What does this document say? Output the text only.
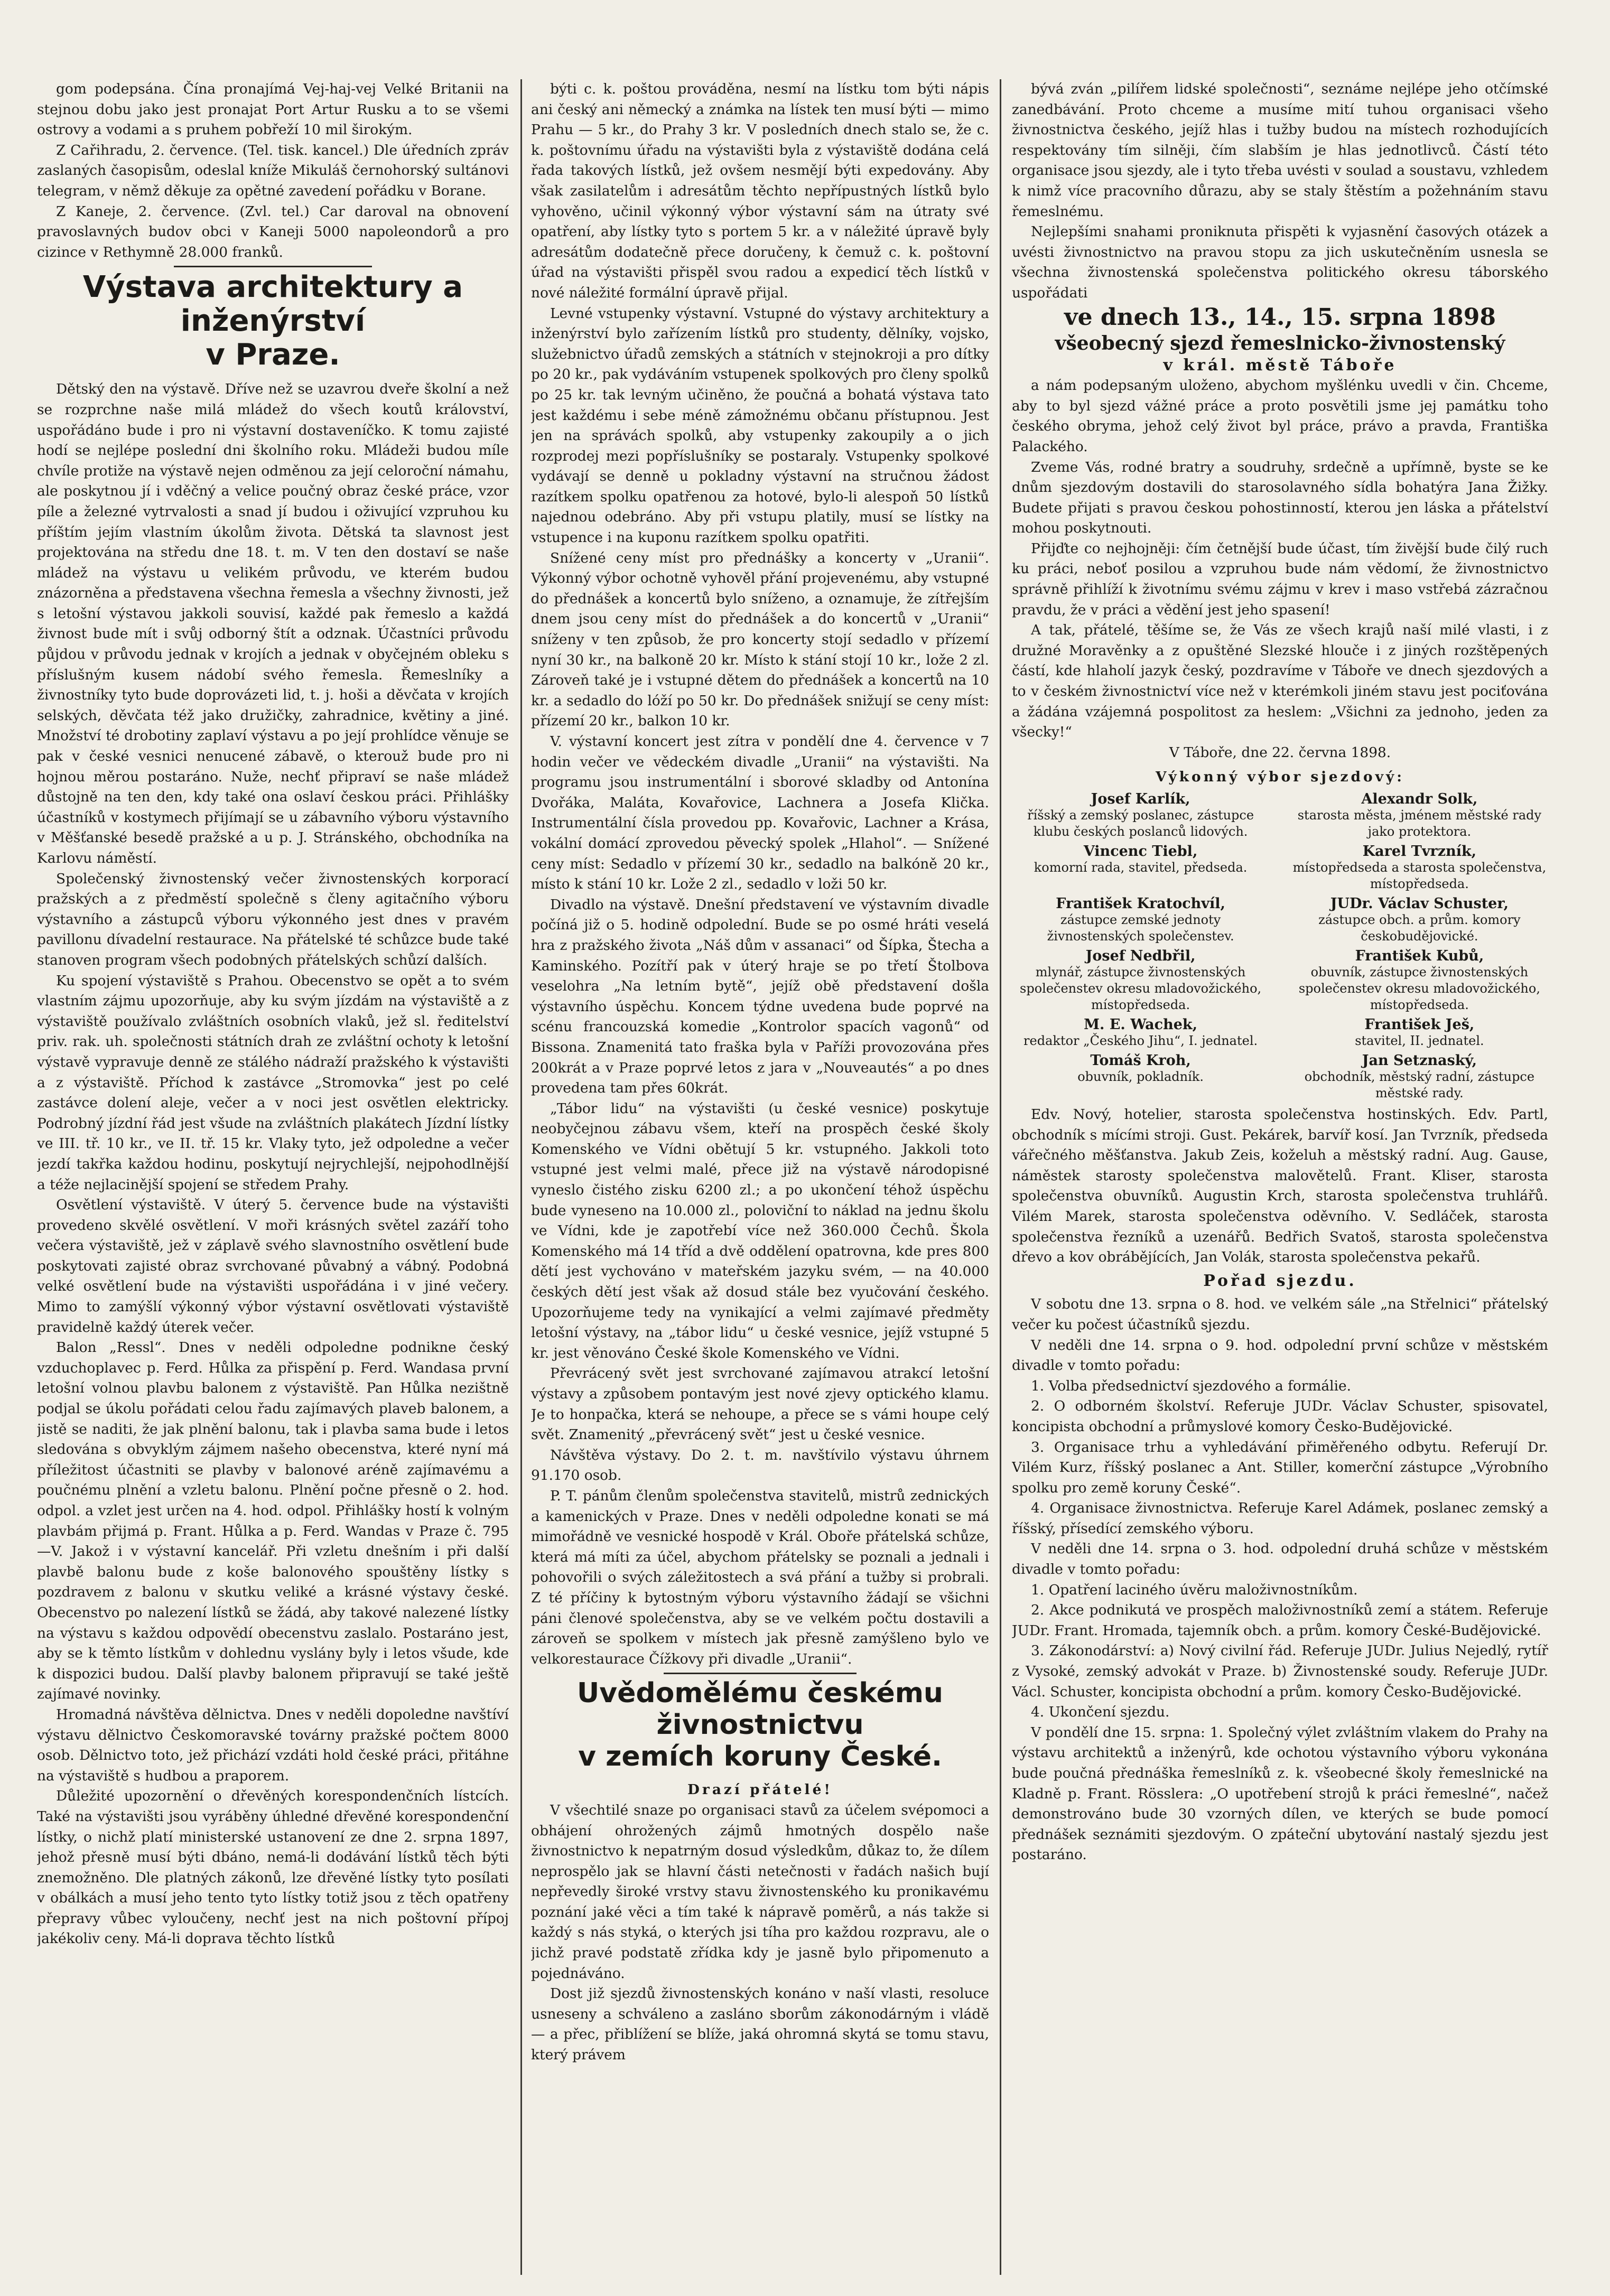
gom podepsána. Čína pronajímá Vej-haj-vej Velké Britanii na stejnou dobu jako jest pronajat Port Artur Rusku a to se všemi ostrovy a vodami a s pruhem pobřeží 10 mil širokým.

Z Cařihradu, 2. července. (Tel. tisk. kancel.) Dle úředních zpráv zaslaných časopisům, odeslal kníže Mikuláš černohorský sultánovi telegram, v němž děkuje za opětné zavedení pořádku v Borane.

Z Kaneje, 2. července. (Zvl. tel.) Car daroval na obnovení pravoslavných budov obci v Kaneji 5000 napoleondorů a pro cizince v Rethymně 28.000 franků.

Výstava architektury a inženýrství
v Praze.

Dětský den na výstavě. Dříve než se uzavrou dveře školní a než se rozprchne naše milá mládež do všech koutů království, uspořádáno bude i pro ni výstavní dostaveníčko. K tomu zajisté hodí se nejlépe poslední dni školního roku. Mládeži budou míle chvíle protiže na výstavě nejen odměnou za její celoroční námahu, ale poskytnou jí i vděčný a velice poučný obraz české práce, vzor píle a železné vytrvalosti a snad jí budou i oživující vzpruhou ku příštím jejím vlastním úkolům života. Dětská ta slavnost jest projektována na středu dne 18. t. m. V ten den dostaví se naše mládež na výstavu u velikém průvodu, ve kterém budou znázorněna a představena všechna řemesla a všechny živnosti, jež s letošní výstavou jakkoli souvisí, každé pak řemeslo a každá živnost bude mít i svůj odborný štít a odznak. Účastníci průvodu půjdou v průvodu jednak v krojích a jednak v obyčejném obleku s příslušným kusem nádobí svého řemesla. Řemeslníky a živnostníky tyto bude doprovázeti lid, t. j. hoši a děvčata v krojích selských, děvčata též jako družičky, zahradnice, květiny a jiné. Množství té drobotiny zaplaví výstavu a po její prohlídce věnuje se pak v české vesnici nenucené zábavě, o kterouž bude pro ni hojnou měrou postaráno. Nuže, nechť připraví se naše mládež důstojně na ten den, kdy také ona oslaví českou práci. Přihlášky účastníků v kostymech přijímají se u zábavního výboru výstavního v Měšťanské besedě pražské a u p. J. Stránského, obchodníka na Karlovu náměstí.

Společenský živnostenský večer živnostenských korporací pražských a z předměstí společně s členy agitačního výboru výstavního a zástupců výboru výkonného jest dnes v pravém pavillonu dívadelní restaurace. Na přátelské té schůzce bude také stanoven program všech podobných přátelských schůzí dalších.

Ku spojení výstaviště s Prahou. Obecenstvo se opět a to svém vlastním zájmu upozorňuje, aby ku svým jízdám na výstaviště a z výstaviště používalo zvláštních osobních vlaků, jež sl. ředitelství priv. rak. uh. společnosti státních drah ze zvláštní ochoty k letošní výstavě vypravuje denně ze stálého nádraží pražského k výstavišti a z výstaviště. Příchod k zastávce „Stromovka“ jest po celé zastávce dolení aleje, večer a v noci jest osvětlen elektricky. Podrobný jízdní řád jest všude na zvláštních plakátech Jízdní lístky ve III. tř. 10 kr., ve II. tř. 15 kr. Vlaky tyto, jež odpoledne a večer jezdí takřka každou hodinu, poskytují nejrychlejší, nejpohodlnější a téže nejlacinější spojení se středem Prahy.

Osvětlení výstaviště. V úterý 5. července bude na výstavišti provedeno skvělé osvětlení. V moři krásných světel zazáří toho večera výstaviště, jež v záplavě svého slavnostního osvětlení bude poskytovati zajisté obraz svrchované půvabný a vábný. Podobná velké osvětlení bude na výstavišti uspořádána i v jiné večery. Mimo to zamýšlí výkonný výbor výstavní osvětlovati výstaviště pravidelně každý úterek večer.

Balon „Ressl“. Dnes v neděli odpoledne podnikne český vzduchoplavec p. Ferd. Hůlka za přispění p. Ferd. Wandasa první letošní volnou plavbu balonem z výstaviště. Pan Hůlka nezištně podjal se úkolu pořádati celou řadu zajímavých plaveb balonem, a jistě se naditi, že jak plnění balonu, tak i plavba sama bude i letos sledována s obvyklým zájmem našeho obecenstva, které nyní má příležitost účastniti se plavby v balonové aréně zajímavému a poučnému plnění a vzletu balonu. Plnění počne přesně o 2. hod. odpol. a vzlet jest určen na 4. hod. odpol. Přihlášky hostí k volným plavbám přijmá p. Frant. Hůlka a p. Ferd. Wandas v Praze č. 795—V. Jakož i v výstavní kancelář. Při vzletu dnešním i při další plavbě balonu bude z koše balonového spouštěny lístky s pozdravem z balonu v skutku veliké a krásné výstavy české. Obecenstvo po nalezení lístků se žádá, aby takové nalezené lístky na výstavu s každou odpovědí obecenstvu zaslalo. Postaráno jest, aby se k těmto lístkům v dohlednu vyslány byly i letos všude, kde k dispozici budou. Další plavby balonem připravují se také ještě zajímavé novinky.

Hromadná návštěva dělnictva. Dnes v neděli dopoledne navštíví výstavu dělnictvo Českomoravské továrny pražské počtem 8000 osob. Dělnictvo toto, jež přichází vzdáti hold české práci, přitáhne na výstaviště s hudbou a praporem.

Důležité upozornění o dřevěných korespondenčních lístcích. Také na výstavišti jsou vyráběny úhledné dřevěné korespondenční lístky, o nichž platí ministerské ustanovení ze dne 2. srpna 1897, jehož přesně musí býti dbáno, nemá-li dodávání lístků těch býti znemožněno. Dle platných zákonů, lze dřevěné lístky tyto posílati v obálkách a musí jeho tento tyto lístky totiž jsou z těch opatřeny přepravy vůbec vyloučeny, nechť jest na nich poštovní přípoj jakékoliv ceny. Má-li doprava těchto lístků

býti c. k. poštou prováděna, nesmí na lístku tom býti nápis ani český ani německý a známka na lístek ten musí býti — mimo Prahu — 5 kr., do Prahy 3 kr. V posledních dnech stalo se, že c. k. poštovnímu úřadu na výstavišti byla z výstaviště dodána celá řada takových lístků, jež ovšem nesmějí býti expedovány. Aby však zasilatelům i adresátům těchto nepřípustných lístků bylo vyhověno, učinil výkonný výbor výstavní sám na útraty své opatření, aby lístky tyto s portem 5 kr. a v náležité úpravě byly adresátům dodatečně přece doručeny, k čemuž c. k. poštovní úřad na výstavišti přispěl svou radou a expedicí těch lístků v nové náležité formální úpravě přijal.

Levné vstupenky výstavní. Vstupné do výstavy architektury a inženýrství bylo zařízením lístků pro studenty, dělníky, vojsko, služebnictvo úřadů zemských a státních v stejnokroji a pro dítky po 20 kr., pak vydáváním vstupenek spolkových pro členy spolků po 25 kr. tak levným učiněno, že poučná a bohatá výstava tato jest každému i sebe méně zámožnému občanu přístupnou. Jest jen na správách spolků, aby vstupenky zakoupily a o jich rozprodej mezi popříslušníky se postaraly. Vstupenky spolkové vydávají se denně u pokladny výstavní na stručnou žádost razítkem spolku opatřenou za hotové, bylo-li alespoň 50 lístků najednou odebráno. Aby při vstupu platily, musí se lístky na vstupence i na kuponu razítkem spolku opatřiti.

Snížené ceny míst pro přednášky a koncerty v „Uranii“. Výkonný výbor ochotně vyhověl přání projevenému, aby vstupné do přednášek a koncertů bylo sníženo, a oznamuje, že zítřejším dnem jsou ceny míst do přednášek a do koncertů v „Uranii“ sníženy v ten způsob, že pro koncerty stojí sedadlo v přízemí nyní 30 kr., na balkoně 20 kr. Místo k stání stojí 10 kr., lože 2 zl. Zároveň také je i vstupné dětem do přednášek a koncertů na 10 kr. a sedadlo do lóží po 50 kr. Do přednášek snižují se ceny míst: přízemí 20 kr., balkon 10 kr.

V. výstavní koncert jest zítra v pondělí dne 4. července v 7 hodin večer ve vědeckém divadle „Uranii“ na výstavišti. Na programu jsou instrumentální i sborové skladby od Antonína Dvořáka, Maláta, Kovařovice, Lachnera a Josefa Klička. Instrumentální čísla provedou pp. Kovařovic, Lachner a Krása, vokální domácí zprovedou pěvecký spolek „Hlahol“. — Snížené ceny míst: Sedadlo v přízemí 30 kr., sedadlo na balkóně 20 kr., místo k stání 10 kr. Lože 2 zl., sedadlo v loži 50 kr.

Divadlo na výstavě. Dnešní představení ve výstavním divadle počíná již o 5. hodině odpolední. Bude se po osmé hráti veselá hra z pražského života „Náš dům v assanaci“ od Šípka, Štecha a Kaminského. Pozítří pak v úterý hraje se po třetí Štolbova veselohra „Na letním bytě“, jejíž obě představení došla výstavního úspěchu. Koncem týdne uvedena bude poprvé na scénu francouzská komedie „Kontrolor spacích vagonů“ od Bissona. Znamenitá tato fraška byla v Paříži provozována přes 200krát a v Praze poprvé letos z jara v „Nouveautés“ a po dnes provedena tam přes 60krát.

„Tábor lidu“ na výstavišti (u české vesnice) poskytuje neobyčejnou zábavu všem, kteří na prospěch české školy Komenského ve Vídni obětují 5 kr. vstupného. Jakkoli toto vstupné jest velmi malé, přece již na výstavě národopisné vyneslo čistého zisku 6200 zl.; a po ukončení téhož úspěchu bude vyneseno na 10.000 zl., poloviční to náklad na jednu školu ve Vídni, kde je zapotřebí více než 360.000 Čechů. Škola Komenského má 14 tříd a dvě oddělení opatrovna, kde pres 800 dětí jest vychováno v mateřském jazyku svém, — na 40.000 českých dětí jest však až dosud stále bez vyučování českého. Upozorňujeme tedy na vynikající a velmi zajímavé předměty letošní výstavy, na „tábor lidu“ u české vesnice, jejíž vstupné 5 kr. jest věnováno České škole Komenského ve Vídni.

Převrácený svět jest svrchované zajímavou atrakcí letošní výstavy a způsobem pontavým jest nové zjevy optického klamu. Je to honpačka, která se nehoupe, a přece se s vámi houpe celý svět. Znamenitý „převrácený svět“ jest u české vesnice.

Návštěva výstavy. Do 2. t. m. navštívilo výstavu úhrnem 91.170 osob.

P. T. pánům členům společenstva stavitelů, mistrů zednických a kamenických v Praze. Dnes v neděli odpoledne konati se má mimořádně ve vesnické hospodě v Král. Oboře přátelská schůze, která má míti za účel, abychom přátelsky se poznali a jednali i pohovořili o svých záležitostech a svá přání a tužby si probrali. Z té příčiny k bytostným výboru výstavního žádají se všichni páni členové společenstva, aby se ve velkém počtu dostavili a zároveň se spolkem v místech jak přesně zamýšleno bylo ve velkorestaurace Čížkovy při divadle „Uranii“.

Uvědomělému českému živnostnictvu
v zemích koruny České.

Drazí přátelé!

V všechtilé snaze po organisaci stavů za účelem svépomoci a obhájení ohrožených zájmů hmotných dospělo naše živnostnictvo k nepatrným dosud výsledkům, důkaz to, že dílem neprospělo jak se hlavní části netečnosti v řadách našich bují nepřevedly široké vrstvy stavu živnostenského ku pronikavému poznání jaké věci a tím také k nápravě poměrů, a nás takže si každý s nás styká, o kterých jsi tíha pro každou rozpravu, ale o jichž pravé podstatě zřídka kdy je jasně bylo připomenuto a pojednáváno.

Dost již sjezdů živnostenských konáno v naší vlasti, resoluce usneseny a schváleno a zasláno sborům zákonodárným i vládě — a přec, přiblížení se blíže, jaká ohromná skytá se tomu stavu, který právem

bývá zván „pilířem lidské společnosti“, seznáme nejlépe jeho otčímské zanedbávání. Proto chceme a musíme mití tuhou organisaci všeho živnostnictva českého, jejíž hlas i tužby budou na místech rozhodujících respektovány tím silněji, čím slabším je hlas jednotlivců. Částí této organisace jsou sjezdy, ale i tyto třeba uvésti v soulad a soustavu, vzhledem k nimž více pracovního důrazu, aby se staly štěstím a požehnáním stavu řemeslnému.

Nejlepšími snahami proniknuta přispěti k vyjasnění časových otázek a uvésti živnostnictvo na pravou stopu za jich uskutečněním usnesla se všechna živnostenská společenstva politického okresu táborského uspořádati

ve dnech 13., 14., 15. srpna 1898

všeobecný sjezd řemeslnicko-živnostenský

v král. městě Táboře

a nám podepsaným uloženo, abychom myšlénku uvedli v čin. Chceme, aby to byl sjezd vážné práce a proto posvětili jsme jej památku toho českého obryma, jehož celý život byl práce, právo a pravda, Františka Palackého.

Zveme Vás, rodné bratry a soudruhy, srdečně a upřímně, byste se ke dnům sjezdovým dostavili do starosolavného sídla bohatýra Jana Žižky. Budete přijati s pravou českou pohostinností, kterou jen láska a přátelství mohou poskytnouti.

Přijďte co nejhojněji: čím četnější bude účast, tím živější bude čilý ruch ku práci, neboť posilou a vzpruhou bude nám vědomí, že živnostnictvo správně přihlíží k životnímu svému zájmu v krev i maso vstřebá zázračnou pravdu, že v práci a vědění jest jeho spasení!

A tak, přátelé, těšíme se, že Vás ze všech krajů naší milé vlasti, i z družné Moravěnky a z opuštěné Slezské hlouče i z jiných rozštěpených částí, kde hlaholí jazyk český, pozdravíme v Táboře ve dnech sjezdových a to v českém živnostnictví více než v kterémkoli jiném stavu jest pociťována a žádána vzájemná pospolitost za heslem: „Všichni za jednoho, jeden za všecky!“

V Táboře, dne 22. června 1898.

Výkonný výbor sjezdový:

Josef Karlík,
říšský a zemský poslanec, zástupce klubu českých poslanců lidových.
Alexandr Solk,
starosta města, jménem městské rady jako protektora.
Vincenc Tiebl,
komorní rada, stavitel, předseda.
Karel Tvrzník,
místopředseda a starosta společenstva, místopředseda.
František Kratochvíl,
zástupce zemské jednoty živnostenských společenstev.
JUDr. Václav Schuster,
zástupce obch. a prům. komory českobudějovické.
Josef Nedbřil,
mlynář, zástupce živnostenských společenstev okresu mladovožického, místopředseda.
František Kubů,
obuvník, zástupce živnostenských společenstev okresu mladovožického, místopředseda.
M. E. Wachek,
redaktor „Českého Jihu“, I. jednatel.
František Ješ,
stavitel, II. jednatel.
Tomáš Kroh,
obuvník, pokladník.
Jan Setznaský,
obchodník, městský radní, zástupce městské rady.

Edv. Nový, hotelier, starosta společenstva hostinských. Edv. Partl, obchodník s mícími stroji. Gust. Pekárek, barvíř kosí. Jan Tvrzník, předseda vářečného měšťanstva. Jakub Zeis, koželuh a městský radní. Aug. Gause, náměstek starosty společenstva malovětelů. Frant. Kliser, starosta společenstva obuvníků. Augustin Krch, starosta společenstva truhlářů. Vilém Marek, starosta společenstva oděvního. V. Sedláček, starosta společenstva řezníků a uzenářů. Bedřich Svatoš, starosta společenstva dřevo a kov obrábějících, Jan Volák, starosta společenstva pekařů.

Pořad sjezdu.

V sobotu dne 13. srpna o 8. hod. ve velkém sále „na Střelnici“ přátelský večer ku počest účastníků sjezdu.

V neděli dne 14. srpna o 9. hod. odpolední první schůze v městském divadle v tomto pořadu:

1. Volba předsednictví sjezdového a formálie.

2. O odborném školství. Referuje JUDr. Václav Schuster, spisovatel, koncipista obchodní a průmyslové komory Česko-Budějovické.

3. Organisace trhu a vyhledávání přiměřeného odbytu. Referují Dr. Vilém Kurz, říšský poslanec a Ant. Stiller, komerční zástupce „Výrobního spolku pro země koruny České“.

4. Organisace živnostnictva. Referuje Karel Adámek, poslanec zemský a říšský, přísedící zemského výboru.

V neděli dne 14. srpna o 3. hod. odpolední druhá schůze v městském divadle v tomto pořadu:

1. Opatření laciného úvěru maloživnostníkům.

2. Akce podnikutá ve prospěch maloživnostníků zemí a státem. Referuje JUDr. Frant. Hromada, tajemník obch. a prům. komory České-Budějovické.

3. Zákonodárství: a) Nový civilní řád. Referuje JUDr. Julius Nejedlý, rytíř z Vysoké, zemský advokát v Praze. b) Živnostenské soudy. Referuje JUDr. Václ. Schuster, koncipista obchodní a prům. komory Česko-Budějovické.

4. Ukončení sjezdu.

V pondělí dne 15. srpna: 1. Společný výlet zvláštním vlakem do Prahy na výstavu architektů a inženýrů, kde ochotou výstavního výboru vykonána bude poučná přednáška řemeslníků z. k. všeobecné školy řemeslnické na Kladně p. Frant. Rösslera: „O upotřebení strojů k práci řemeslné“, načež demonstrováno bude 30 vzorných dílen, ve kterých se bude pomocí přednášek seznámiti sjezdovým. O zpáteční ubytování nastalý sjezdu jest postaráno.
